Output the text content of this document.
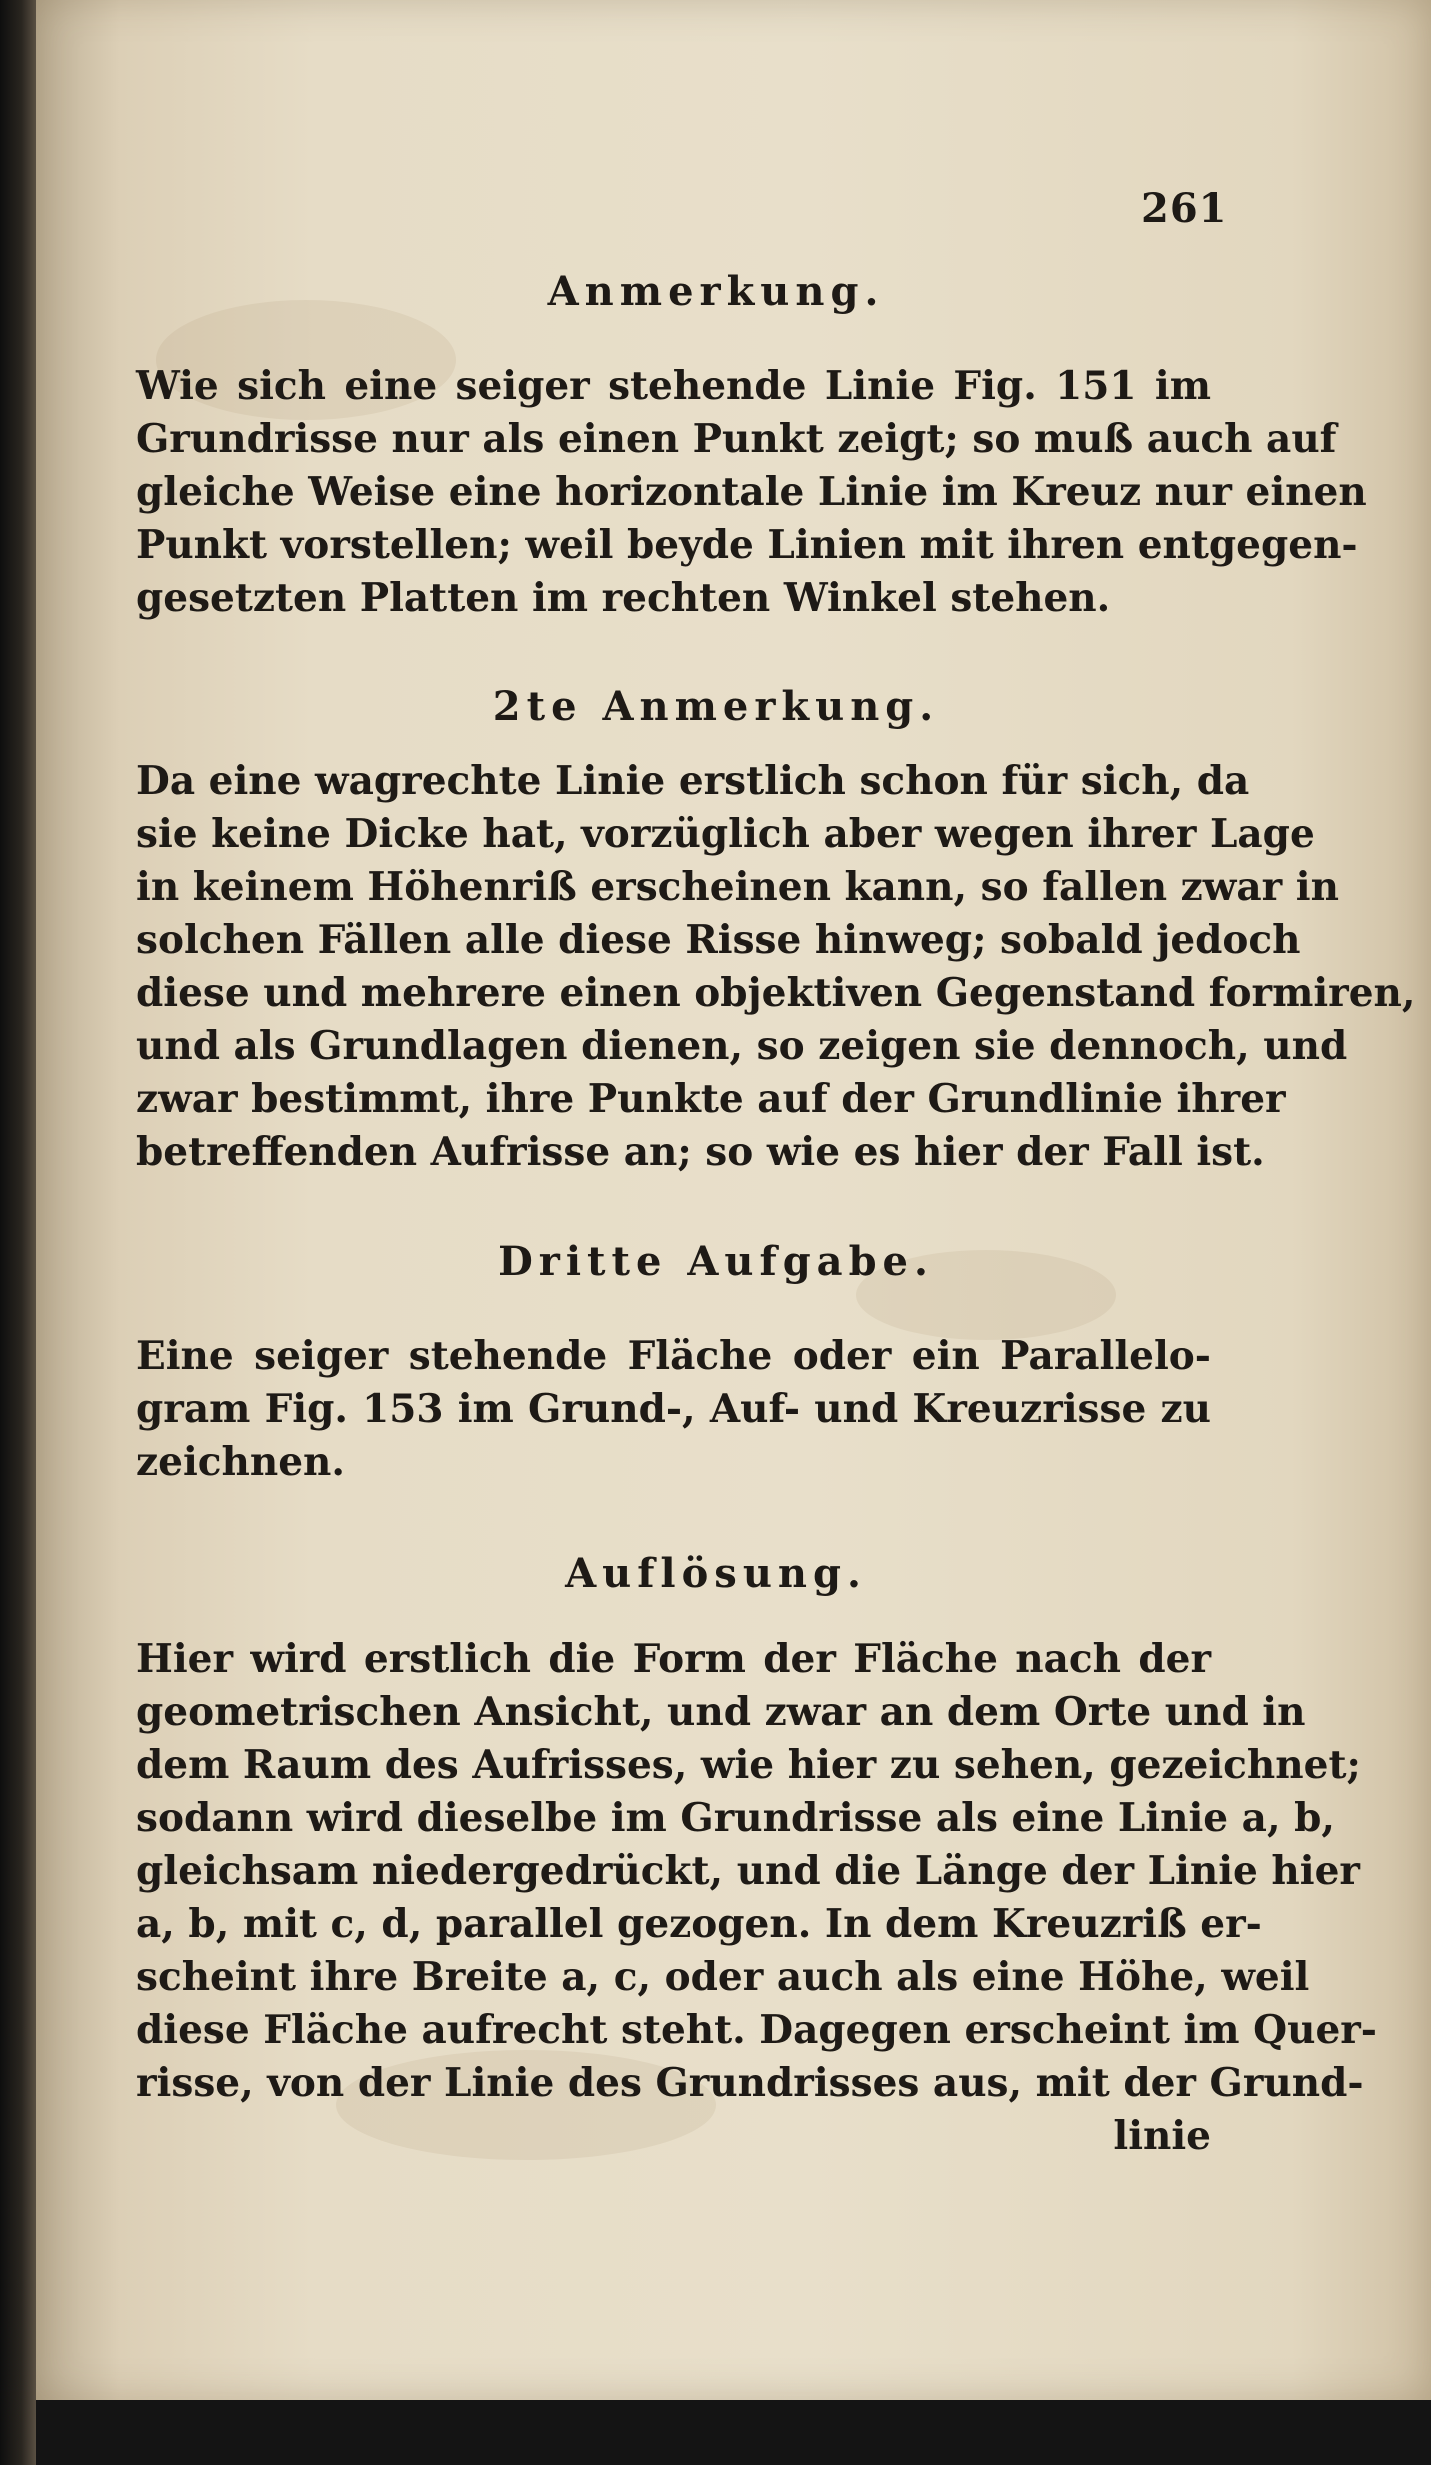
261
Anmerkung.
Wie sich eine seiger stehende Linie Fig. 151 im
Grundrisse nur als einen Punkt zeigt; so muß auch auf
gleiche Weise eine horizontale Linie im Kreuz nur einen
Punkt vorstellen; weil beyde Linien mit ihren entgegen-
gesetzten Platten im rechten Winkel stehen.
2te Anmerkung.
Da eine wagrechte Linie erstlich schon für sich, da
sie keine Dicke hat, vorzüglich aber wegen ihrer Lage
in keinem Höhenriß erscheinen kann, so fallen zwar in
solchen Fällen alle diese Risse hinweg; sobald jedoch
diese und mehrere einen objektiven Gegenstand formiren,
und als Grundlagen dienen, so zeigen sie dennoch, und
zwar bestimmt, ihre Punkte auf der Grundlinie ihrer
betreffenden Aufrisse an; so wie es hier der Fall ist.
Dritte Aufgabe.
Eine seiger stehende Fläche oder ein Parallelo-
gram Fig. 153 im Grund-, Auf- und Kreuzrisse zu
zeichnen.
Auflösung.
Hier wird erstlich die Form der Fläche nach der
geometrischen Ansicht, und zwar an dem Orte und in
dem Raum des Aufrisses, wie hier zu sehen, gezeichnet;
sodann wird dieselbe im Grundrisse als eine Linie a, b,
gleichsam niedergedrückt, und die Länge der Linie hier
a, b, mit c, d, parallel gezogen. In dem Kreuzriß er-
scheint ihre Breite a, c, oder auch als eine Höhe, weil
diese Fläche aufrecht steht. Dagegen erscheint im Quer-
risse, von der Linie des Grundrisses aus, mit der Grund-
linie
